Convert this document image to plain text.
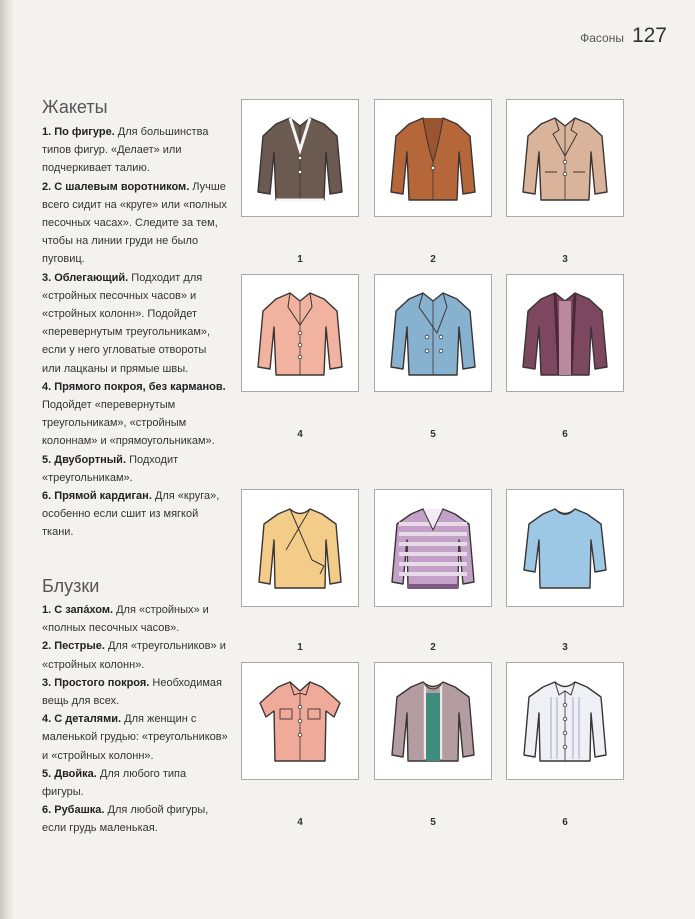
Фасоны 127
Жакеты

1. По фигуре. Для большинства типов фигур. «Делает» или подчеркивает талию.

2. С шалевым воротником. Лучше всего сидит на «круге» или «полных песочных часах». Следите за тем, чтобы на линии груди не было пуговиц.

3. Облегающий. Подходит для «стройных песочных часов» и «стройных колонн». Подойдет «перевернутым треугольникам», если у него угловатые отвороты или лацканы и прямые швы.

4. Прямого покроя, без карманов. Подойдет «перевернутым треугольникам», «стройным колоннам» и «прямоугольникам».

5. Двубортный. Подходит «треугольникам».

6. Прямой кардиган. Для «круга», особенно если сшит из мягкой ткани.

Блузки

1. С запа́хом. Для «стройных» и «полных песочных часов».

2. Пестрые. Для «треугольников» и «стройных колонн».

3. Простого покроя. Необходимая вещь для всех.

4. С деталями. Для женщин с маленькой грудью: «треугольников» и «стройных колонн».

5. Двойка. Для любого типа фигуры.

6. Рубашка. Для любой фигуры, если грудь маленькая.

1	2	3
4	5	6
1	2	3
4	5	6
